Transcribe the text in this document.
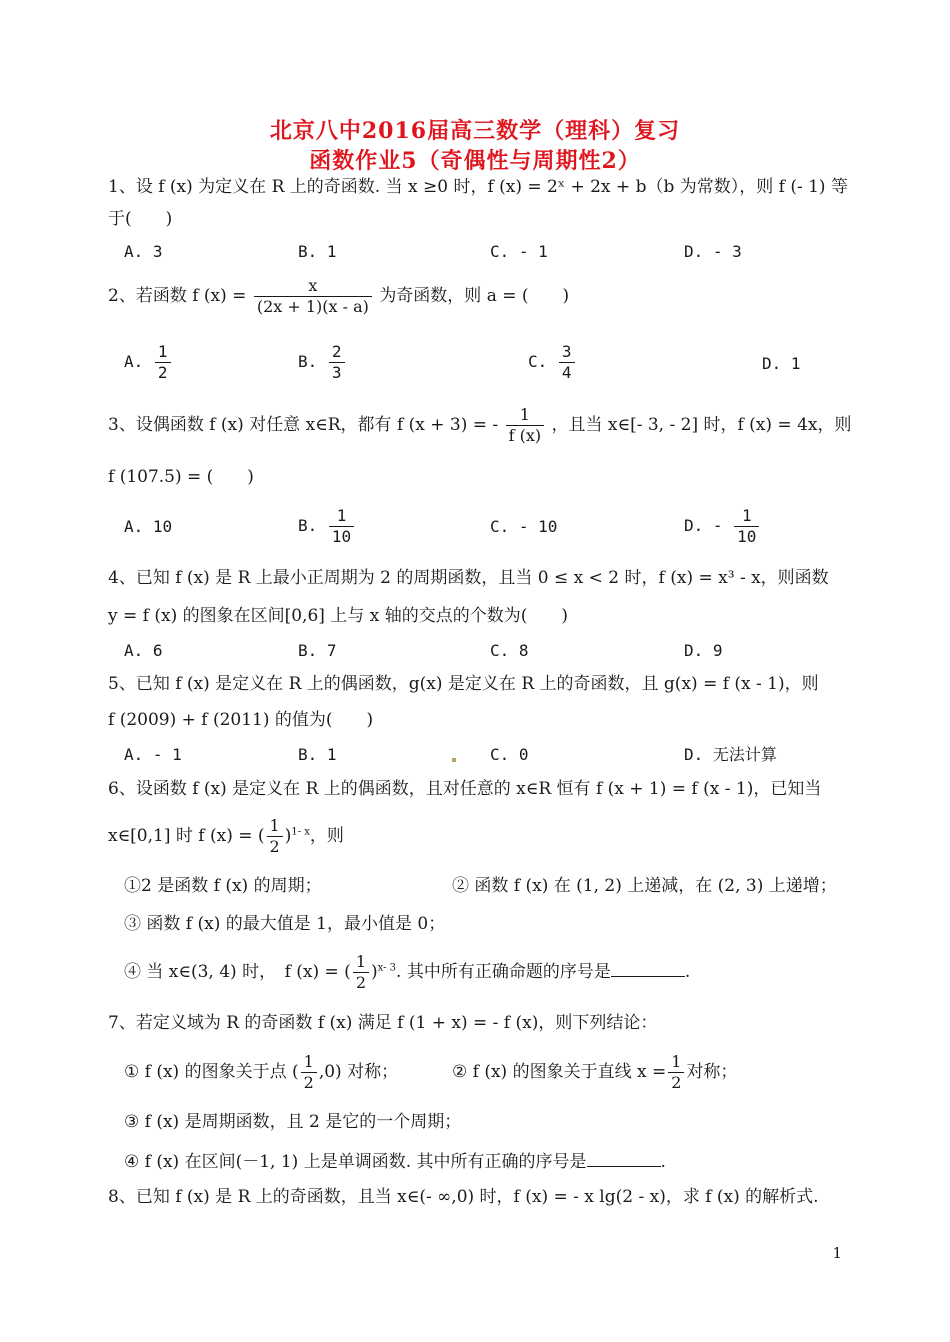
北京八中2016届高三数学（理科）复习
函数作业5（奇偶性与周期性2）
1、设 f (x) 为定义在 R 上的奇函数. 当 x ≥0 时，f (x) = 2ˣ + 2x + b（b 为常数），则 f (- 1) 等
于(　　)
A. 3	B. 1	C. - 1	D. - 3
2、若函数 f $(x) = \frac{x}{(2x + 1)(x - a)}$ 为奇函数，则 a = (　　)
A. $\frac{1}{2}$	B. $\frac{2}{3}$	C. $\frac{3}{4}$	D. 1
3、设偶函数 f (x) 对任意 x∈R，都有 f (x + 3) = - $\frac{1}{f (x)}$ ，且当 x∈[- 3, - 2] 时，f (x) = 4x，则
f (107.5) = (　　)
A. 10	B. $\frac{1}{10}$	C. - 10	D. - $\frac{1}{10}$
4、已知 f (x) 是 R 上最小正周期为 2 的周期函数，且当 0 ≤ x < 2 时，f (x) = x³ - x，则函数
y = f (x) 的图象在区间[0,6] 上与 x 轴的交点的个数为(　　)
A. 6	B. 7	C. 8	D. 9
5、已知 f (x) 是定义在 R 上的偶函数，g(x) 是定义在 R 上的奇函数，且 g(x) = f (x - 1)，则
f (2009) + f (2011) 的值为(　　)
A. - 1	B. 1	C. 0	D. 无法计算
6、设函数 f (x) 是定义在 R 上的偶函数，且对任意的 x∈R 恒有 f (x + 1) = f (x - 1)，已知当
x∈[0,1] 时 f (x) = ( $\frac{1}{2} )^{1- x}$，则
①2 是函数 f (x) 的周期；	② 函数 f (x) 在 (1, 2) 上递减，在 (2, 3) 上递增；
③ 函数 f (x) 的最大值是 1，最小值是 0；
④ 当 x∈(3, 4) 时，　f (x) = ( $\frac{1}{2} )^{x- 3}$. 其中所有正确命题的序号是	.
7、若定义域为 R 的奇函数 f (x) 满足 f (1 + x) = - f (x)，则下列结论：
① f (x) 的图象关于点 ( $\frac{1}{2} ,0$) 对称；	② f (x) 的图象关于直线 $x = \frac{1}{2}$ 对称；
③ f (x) 是周期函数，且 2 是它的一个周期；
④ f (x) 在区间(－1, 1) 上是单调函数. 其中所有正确的序号是	.
8、已知 f (x) 是 R 上的奇函数，且当 x∈(- ∞,0) 时，f (x) = - x lg(2 - x)，求 f (x) 的解析式.
1
